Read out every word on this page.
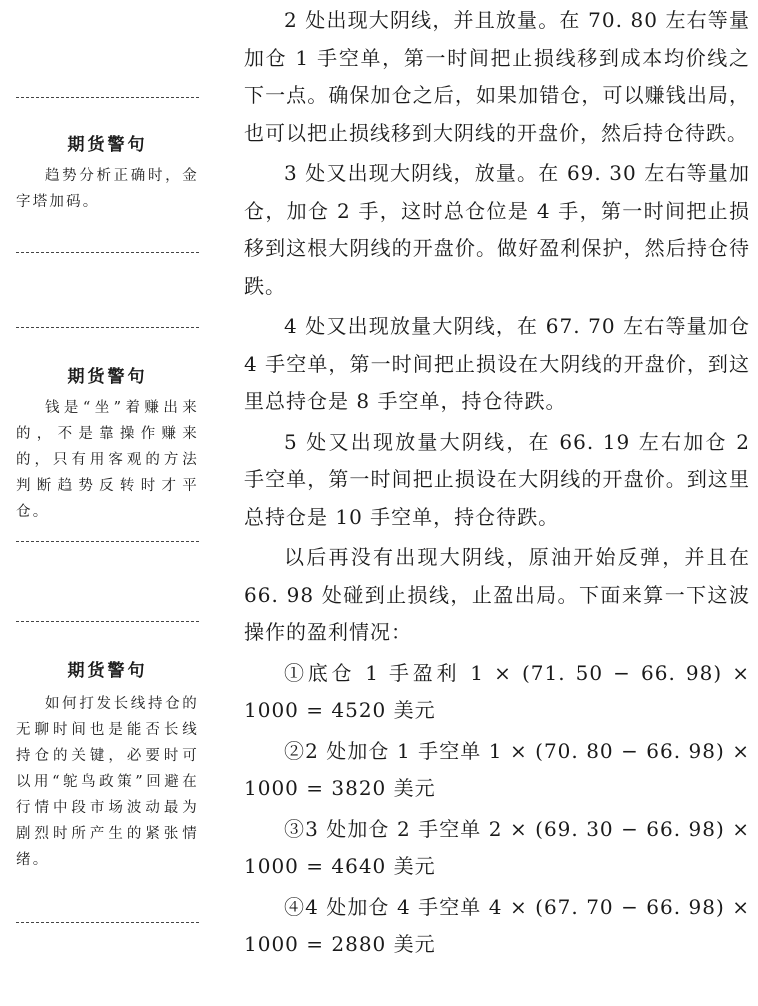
期货警句

趋势分析正确时，金字塔加码。

期货警句

钱是“坐”着赚出来的，不是靠操作赚来的，只有用客观的方法判断趋势反转时才平仓。

期货警句

如何打发长线持仓的无聊时间也是能否长线持仓的关键，必要时可以用“鸵鸟政策”回避在行情中段市场波动最为剧烈时所产生的紧张情绪。

2 处出现大阴线，并且放量。在 70. 80 左右等量加仓 1 手空单，第一时间把止损线移到成本均价线之下一点。确保加仓之后，如果加错仓，可以赚钱出局，也可以把止损线移到大阴线的开盘价，然后持仓待跌。

3 处又出现大阴线，放量。在 69. 30 左右等量加仓，加仓 2 手，这时总仓位是 4 手，第一时间把止损移到这根大阴线的开盘价。做好盈利保护，然后持仓待跌。

4 处又出现放量大阴线，在 67. 70 左右等量加仓 4 手空单，第一时间把止损设在大阴线的开盘价，到这里总持仓是 8 手空单，持仓待跌。

5 处又出现放量大阴线，在 66. 19 左右加仓 2 手空单，第一时间把止损设在大阴线的开盘价。到这里总持仓是 10 手空单，持仓待跌。

以后再没有出现大阴线，原油开始反弹，并且在 66. 98 处碰到止损线，止盈出局。下面来算一下这波操作的盈利情况：

①底仓 1 手盈利 1 × (71. 50 − 66. 98) × 1000 = 4520 美元

②2 处加仓 1 手空单 1 × (70. 80 − 66. 98) × 1000 = 3820 美元

③3 处加仓 2 手空单 2 × (69. 30 − 66. 98) × 1000 = 4640 美元

④4 处加仓 4 手空单 4 × (67. 70 − 66. 98) × 1000 = 2880 美元
